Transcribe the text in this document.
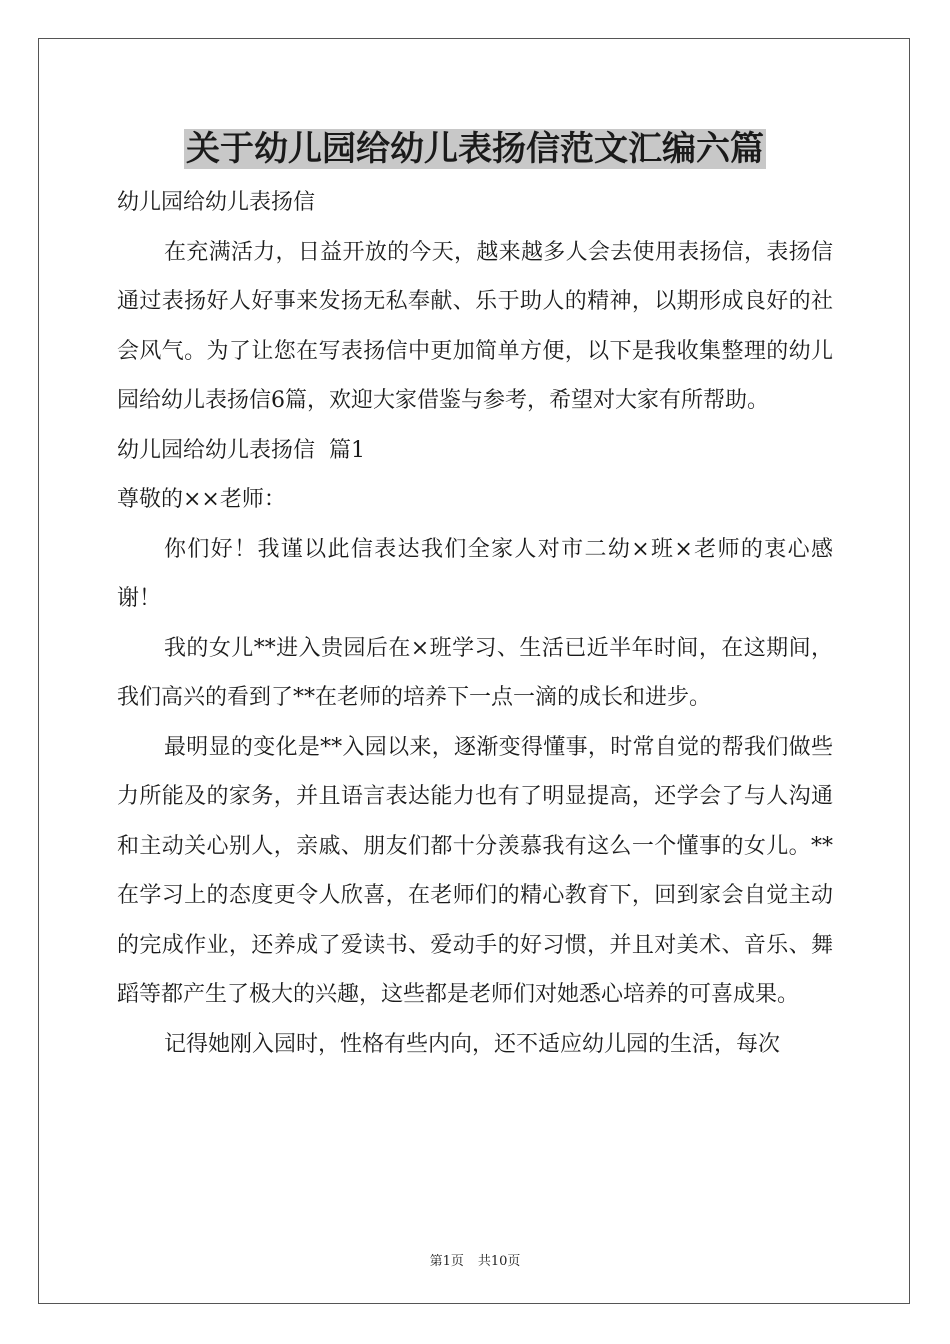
关于幼儿园给幼儿表扬信范文汇编六篇

幼儿园给幼儿表扬信

在充满活力，日益开放的今天，越来越多人会去使用表扬信，表扬信通过表扬好人好事来发扬无私奉献、乐于助人的精神，以期形成良好的社会风气。为了让您在写表扬信中更加简单方便，以下是我收集整理的幼儿园给幼儿表扬信6篇，欢迎大家借鉴与参考，希望对大家有所帮助。

幼儿园给幼儿表扬信  篇1

尊敬的××老师：

你们好！我谨以此信表达我们全家人对市二幼×班×老师的衷心感谢！

我的女儿**进入贵园后在×班学习、生活已近半年时间，在这期间，我们高兴的看到了**在老师的培养下一点一滴的成长和进步。

最明显的变化是**入园以来，逐渐变得懂事，时常自觉的帮我们做些力所能及的家务，并且语言表达能力也有了明显提高，还学会了与人沟通和主动关心别人，亲戚、朋友们都十分羡慕我有这么一个懂事的女儿。**在学习上的态度更令人欣喜，在老师们的精心教育下，回到家会自觉主动的完成作业，还养成了爱读书、爱动手的好习惯，并且对美术、音乐、舞蹈等都产生了极大的兴趣，这些都是老师们对她悉心培养的可喜成果。

记得她刚入园时，性格有些内向，还不适应幼儿园的生活，每次

第1页 共10页
